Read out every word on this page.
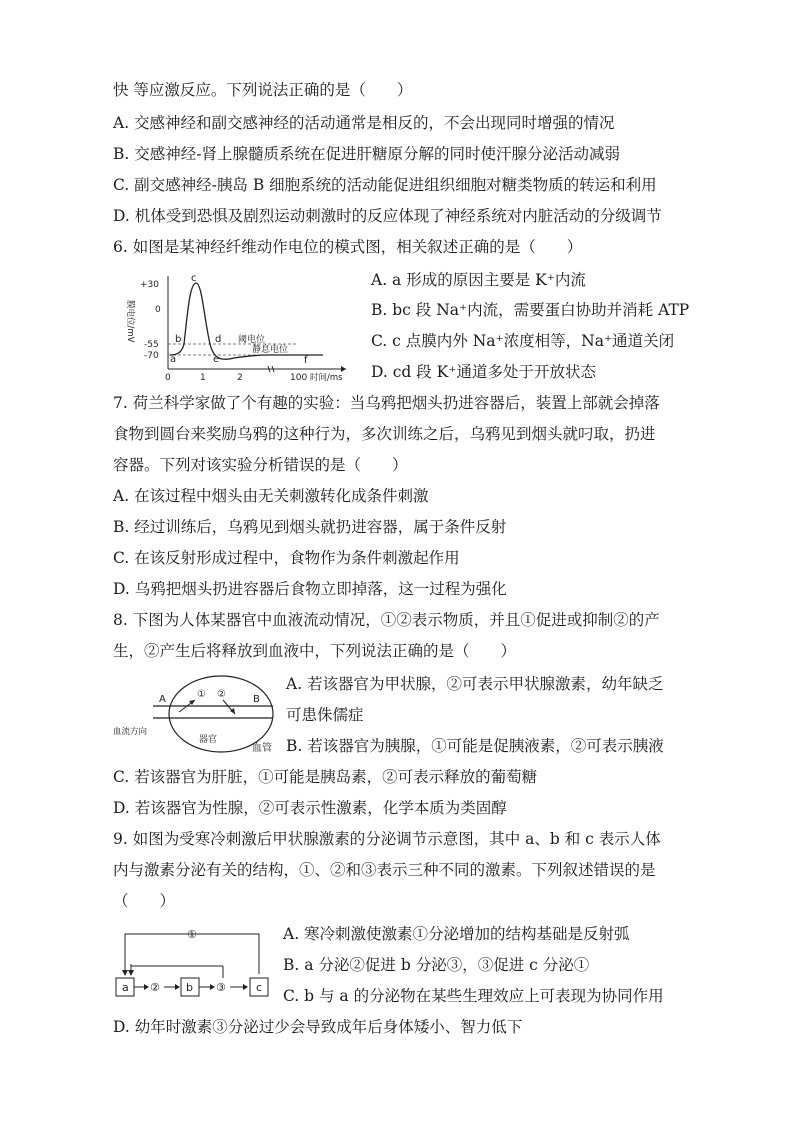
快 等应激反应。下列说法正确的是（　　）
A. 交感神经和副交感神经的活动通常是相反的，不会出现同时增强的情况
B. 交感神经-肾上腺髓质系统在促进肝糖原分解的同时使汗腺分泌活动减弱
C. 副交感神经-胰岛 B 细胞系统的活动能促进组织细胞对糖类物质的转运和利用
D. 机体受到恐惧及剧烈运动刺激时的反应体现了神经系统对内脏活动的分级调节
6. 如图是某神经纤维动作电位的模式图，相关叙述正确的是（　　）
膜电位/mV
+30
0
-55
-70
0	1	2	100 时间/ms
a
b
c
d
e	f
阈电位
静息电位
A. a 形成的原因主要是 K⁺内流
B. bc 段 Na⁺内流，需要蛋白协助并消耗 ATP
C. c 点膜内外 Na⁺浓度相等，Na⁺通道关闭
D. cd 段 K⁺通道多处于开放状态
7. 荷兰科学家做了个有趣的实验：当乌鸦把烟头扔进容器后，装置上部就会掉落
食物到圆台来奖励乌鸦的这种行为，多次训练之后，乌鸦见到烟头就叼取，扔进
容器。下列对该实验分析错误的是（　　）
A. 在该过程中烟头由无关刺激转化成条件刺激
B. 经过训练后，乌鸦见到烟头就扔进容器，属于条件反射
C. 在该反射形成过程中，食物作为条件刺激起作用
D. 乌鸦把烟头扔进容器后食物立即掉落，这一过程为强化
8. 下图为人体某器官中血液流动情况，①②表示物质，并且①促进或抑制②的产
生，②产生后将释放到血液中，下列说法正确的是（　　）
A	B
① ②
血流方向
器官
血管
A. 若该器官为甲状腺，②可表示甲状腺激素，幼年缺乏
可患侏儒症
B. 若该器官为胰腺，①可能是促胰液素，②可表示胰液
C. 若该器官为肝脏，①可能是胰岛素，②可表示释放的葡萄糖
D. 若该器官为性腺，②可表示性激素，化学本质为类固醇
9. 如图为受寒冷刺激后甲状腺激素的分泌调节示意图，其中 a、b 和 c 表示人体
内与激素分泌有关的结构，①、②和③表示三种不同的激素。下列叙述错误的是
（　　）
①
a	b	c
②	③
A. 寒冷刺激使激素①分泌增加的结构基础是反射弧
B. a 分泌②促进 b 分泌③，③促进 c 分泌①
C. b 与 a 的分泌物在某些生理效应上可表现为协同作用
D. 幼年时激素③分泌过少会导致成年后身体矮小、智力低下
